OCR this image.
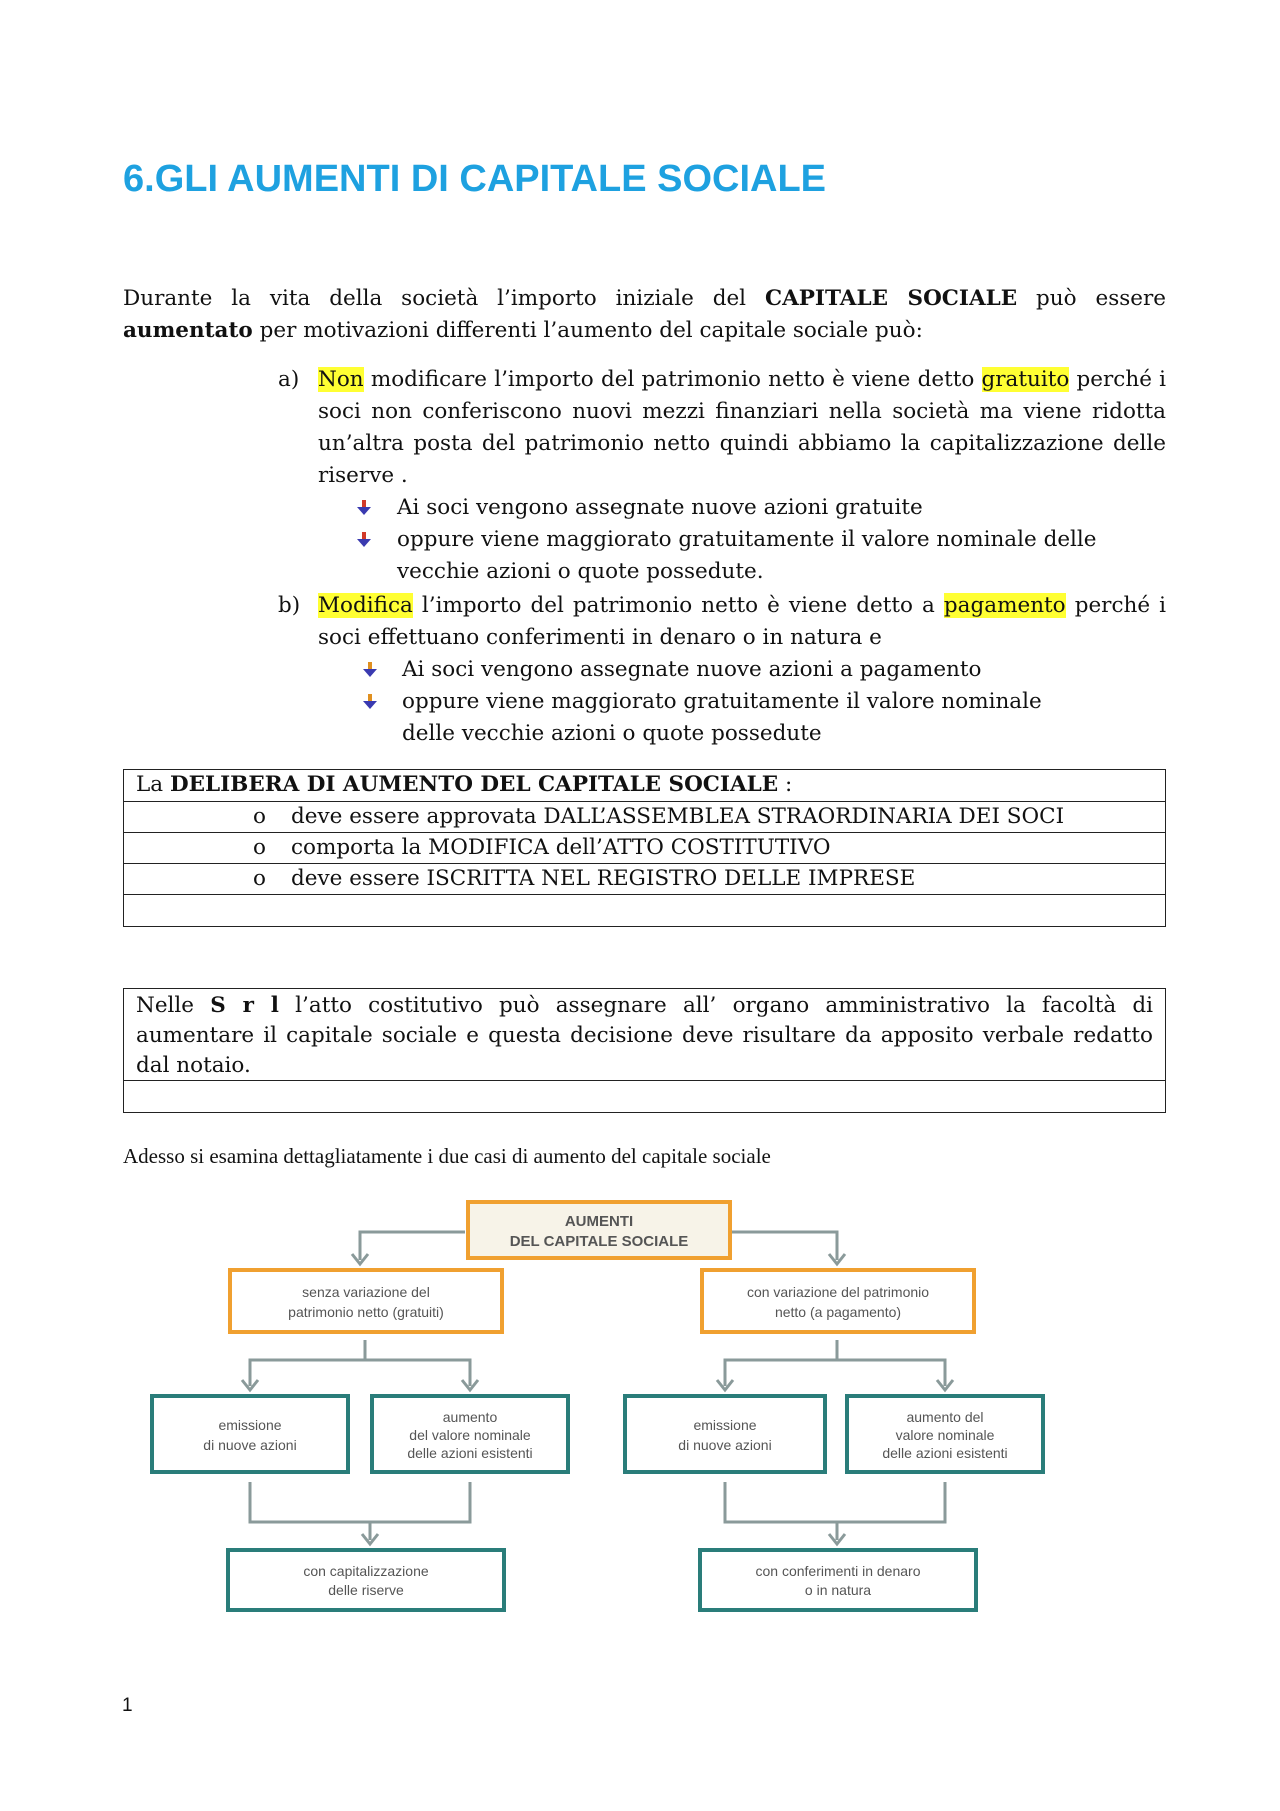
6.GLI AUMENTI DI CAPITALE SOCIALE

Durante la vita della società l’importo iniziale del CAPITALE SOCIALE può essere aumentato per motivazioni differenti l’aumento del capitale sociale può:

a) Non modificare l’importo del patrimonio netto è viene detto gratuito perché i soci non conferiscono nuovi mezzi finanziari nella società ma viene ridotta un’altra posta del patrimonio netto quindi abbiamo la capitalizzazione delle riserve .
Ai soci vengono assegnate nuove azioni gratuite
oppure viene maggiorato gratuitamente il valore nominale delle
vecchie azioni o quote possedute.
b) Modifica l’importo del patrimonio netto è viene detto a pagamento perché i soci effettuano conferimenti in denaro o in natura e
Ai soci vengono assegnate nuove azioni a pagamento
oppure viene maggiorato gratuitamente il valore nominale
delle vecchie azioni o quote possedute
La DELIBERA DI AUMENTO DEL CAPITALE SOCIALE :
o deve essere approvata DALL’ASSEMBLEA STRAORDINARIA DEI SOCI
o comporta la MODIFICA dell’ATTO COSTITUTIVO
o deve essere ISCRITTA NEL REGISTRO DELLE IMPRESE
Nelle S r l l’atto costitutivo può assegnare all’ organo amministrativo la facoltà di aumentare il capitale sociale e questa decisione deve risultare da apposito verbale redatto dal notaio.
Adesso si esamina dettagliatamente i due casi di aumento del capitale sociale
AUMENTI
DEL CAPITALE SOCIALE
senza variazione del
patrimonio netto (gratuiti)
con variazione del patrimonio
netto (a pagamento)
emissione
di nuove azioni
aumento
del valore nominale
delle azioni esistenti
emissione
di nuove azioni
aumento del
valore nominale
delle azioni esistenti
con capitalizzazione
delle riserve
con conferimenti in denaro
o in natura
1
